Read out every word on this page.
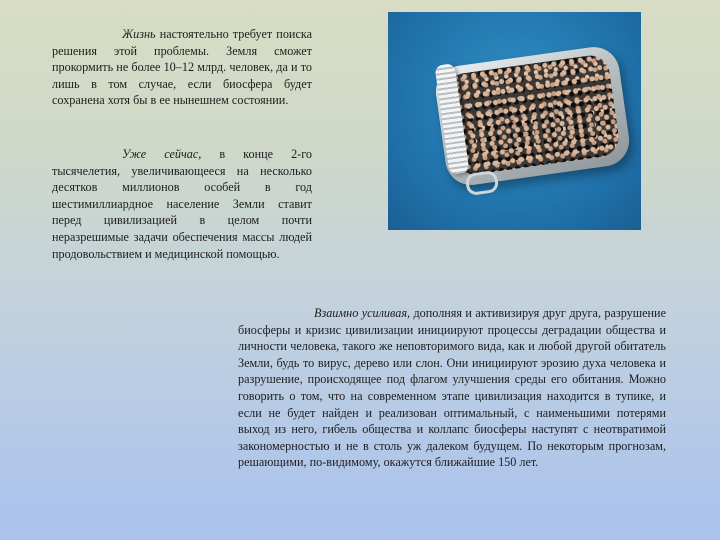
Жизнь настоятельно требует поиска решения этой проблемы. Земля сможет прокормить не более 10–12 млрд. человек, да и то лишь в том случае, если биосфера будет сохранена хотя бы в ее нынешнем состоянии.
Уже сейчас, в конце 2-го тысячелетия, увеличивающееся на несколько десятков миллионов особей в год шестимиллиардное население Земли ставит перед цивилизацией в целом почти неразрешимые задачи обеспечения массы людей продовольствием и медицинской помощью.
Взаимно усиливая, дополняя и активизируя друг друга, разрушение биосферы и кризис цивилизации инициируют процессы деградации общества и личности человека, такого же неповторимого вида, как и любой другой обитатель Земли, будь то вирус, дерево или слон. Они инициируют эрозию духа человека и разрушение, происходящее под флагом улучшения среды его обитания. Можно говорить о том, что на современном этапе цивилизация находится в тупике, и если не будет найден и реализован оптимальный, с наименьшими потерями выход из него, гибель общества и коллапс биосферы наступят с неотвратимой закономерностью и не в столь уж далеком будущем. По некоторым прогнозам, решающими, по-видимому, окажутся ближайшие 150 лет.
